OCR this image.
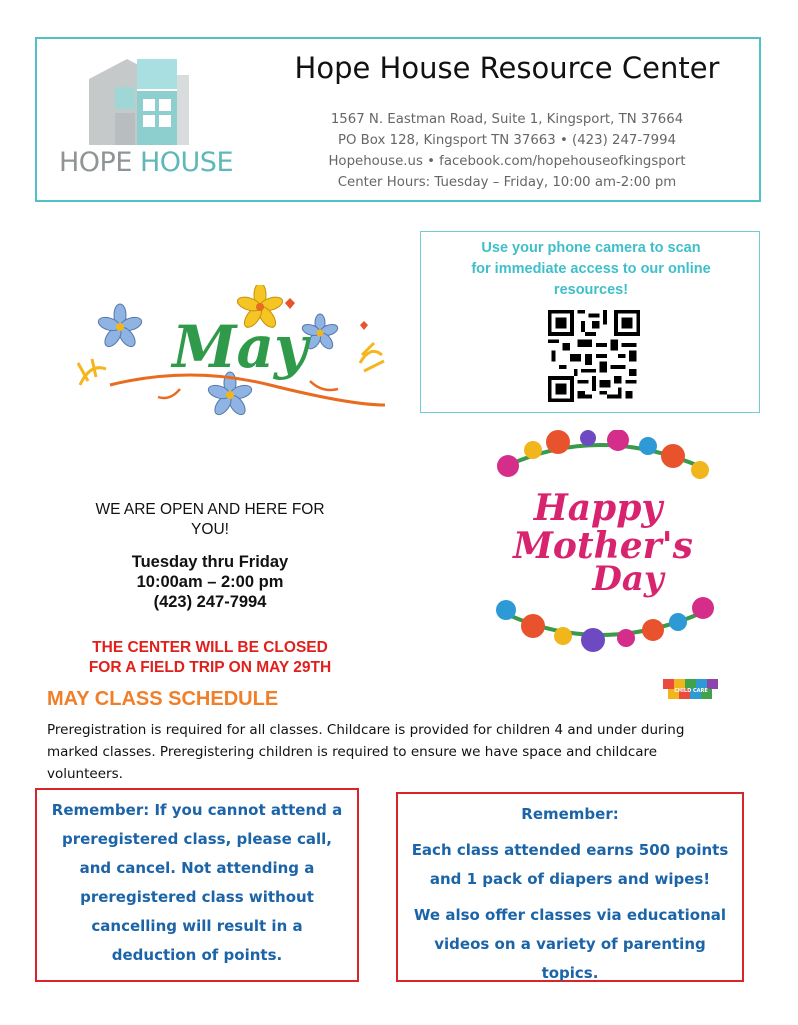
HOPE HOUSE
Hope House Resource Center
1567 N. Eastman Road, Suite 1, Kingsport, TN 37664
PO Box 128, Kingsport TN 37663 • (423) 247-7994
Hopehouse.us • facebook.com/hopehouseofkingsport
Center Hours: Tuesday – Friday, 10:00 am-2:00 pm
Use your phone camera to scan
for immediate access to our online
resources!
May
Happy
Mother's
Day
CHILD CARE
WE ARE OPEN AND HERE FOR
YOU!
Tuesday thru Friday
10:00am – 2:00 pm
(423) 247-7994
THE CENTER WILL BE CLOSED
FOR A FIELD TRIP ON MAY 29TH
MAY CLASS SCHEDULE
Preregistration is required for all classes. Childcare is provided for children 4 and under during
marked classes. Preregistering children is required to ensure we have space and childcare
volunteers.
Remember: If you cannot attend a
preregistered class, please call,
and cancel. Not attending a
preregistered class without
cancelling will result in a
deduction of points.
Remember:
Each class attended earns 500 points
and 1 pack of diapers and wipes!
We also offer classes via educational
videos on a variety of parenting
topics.
